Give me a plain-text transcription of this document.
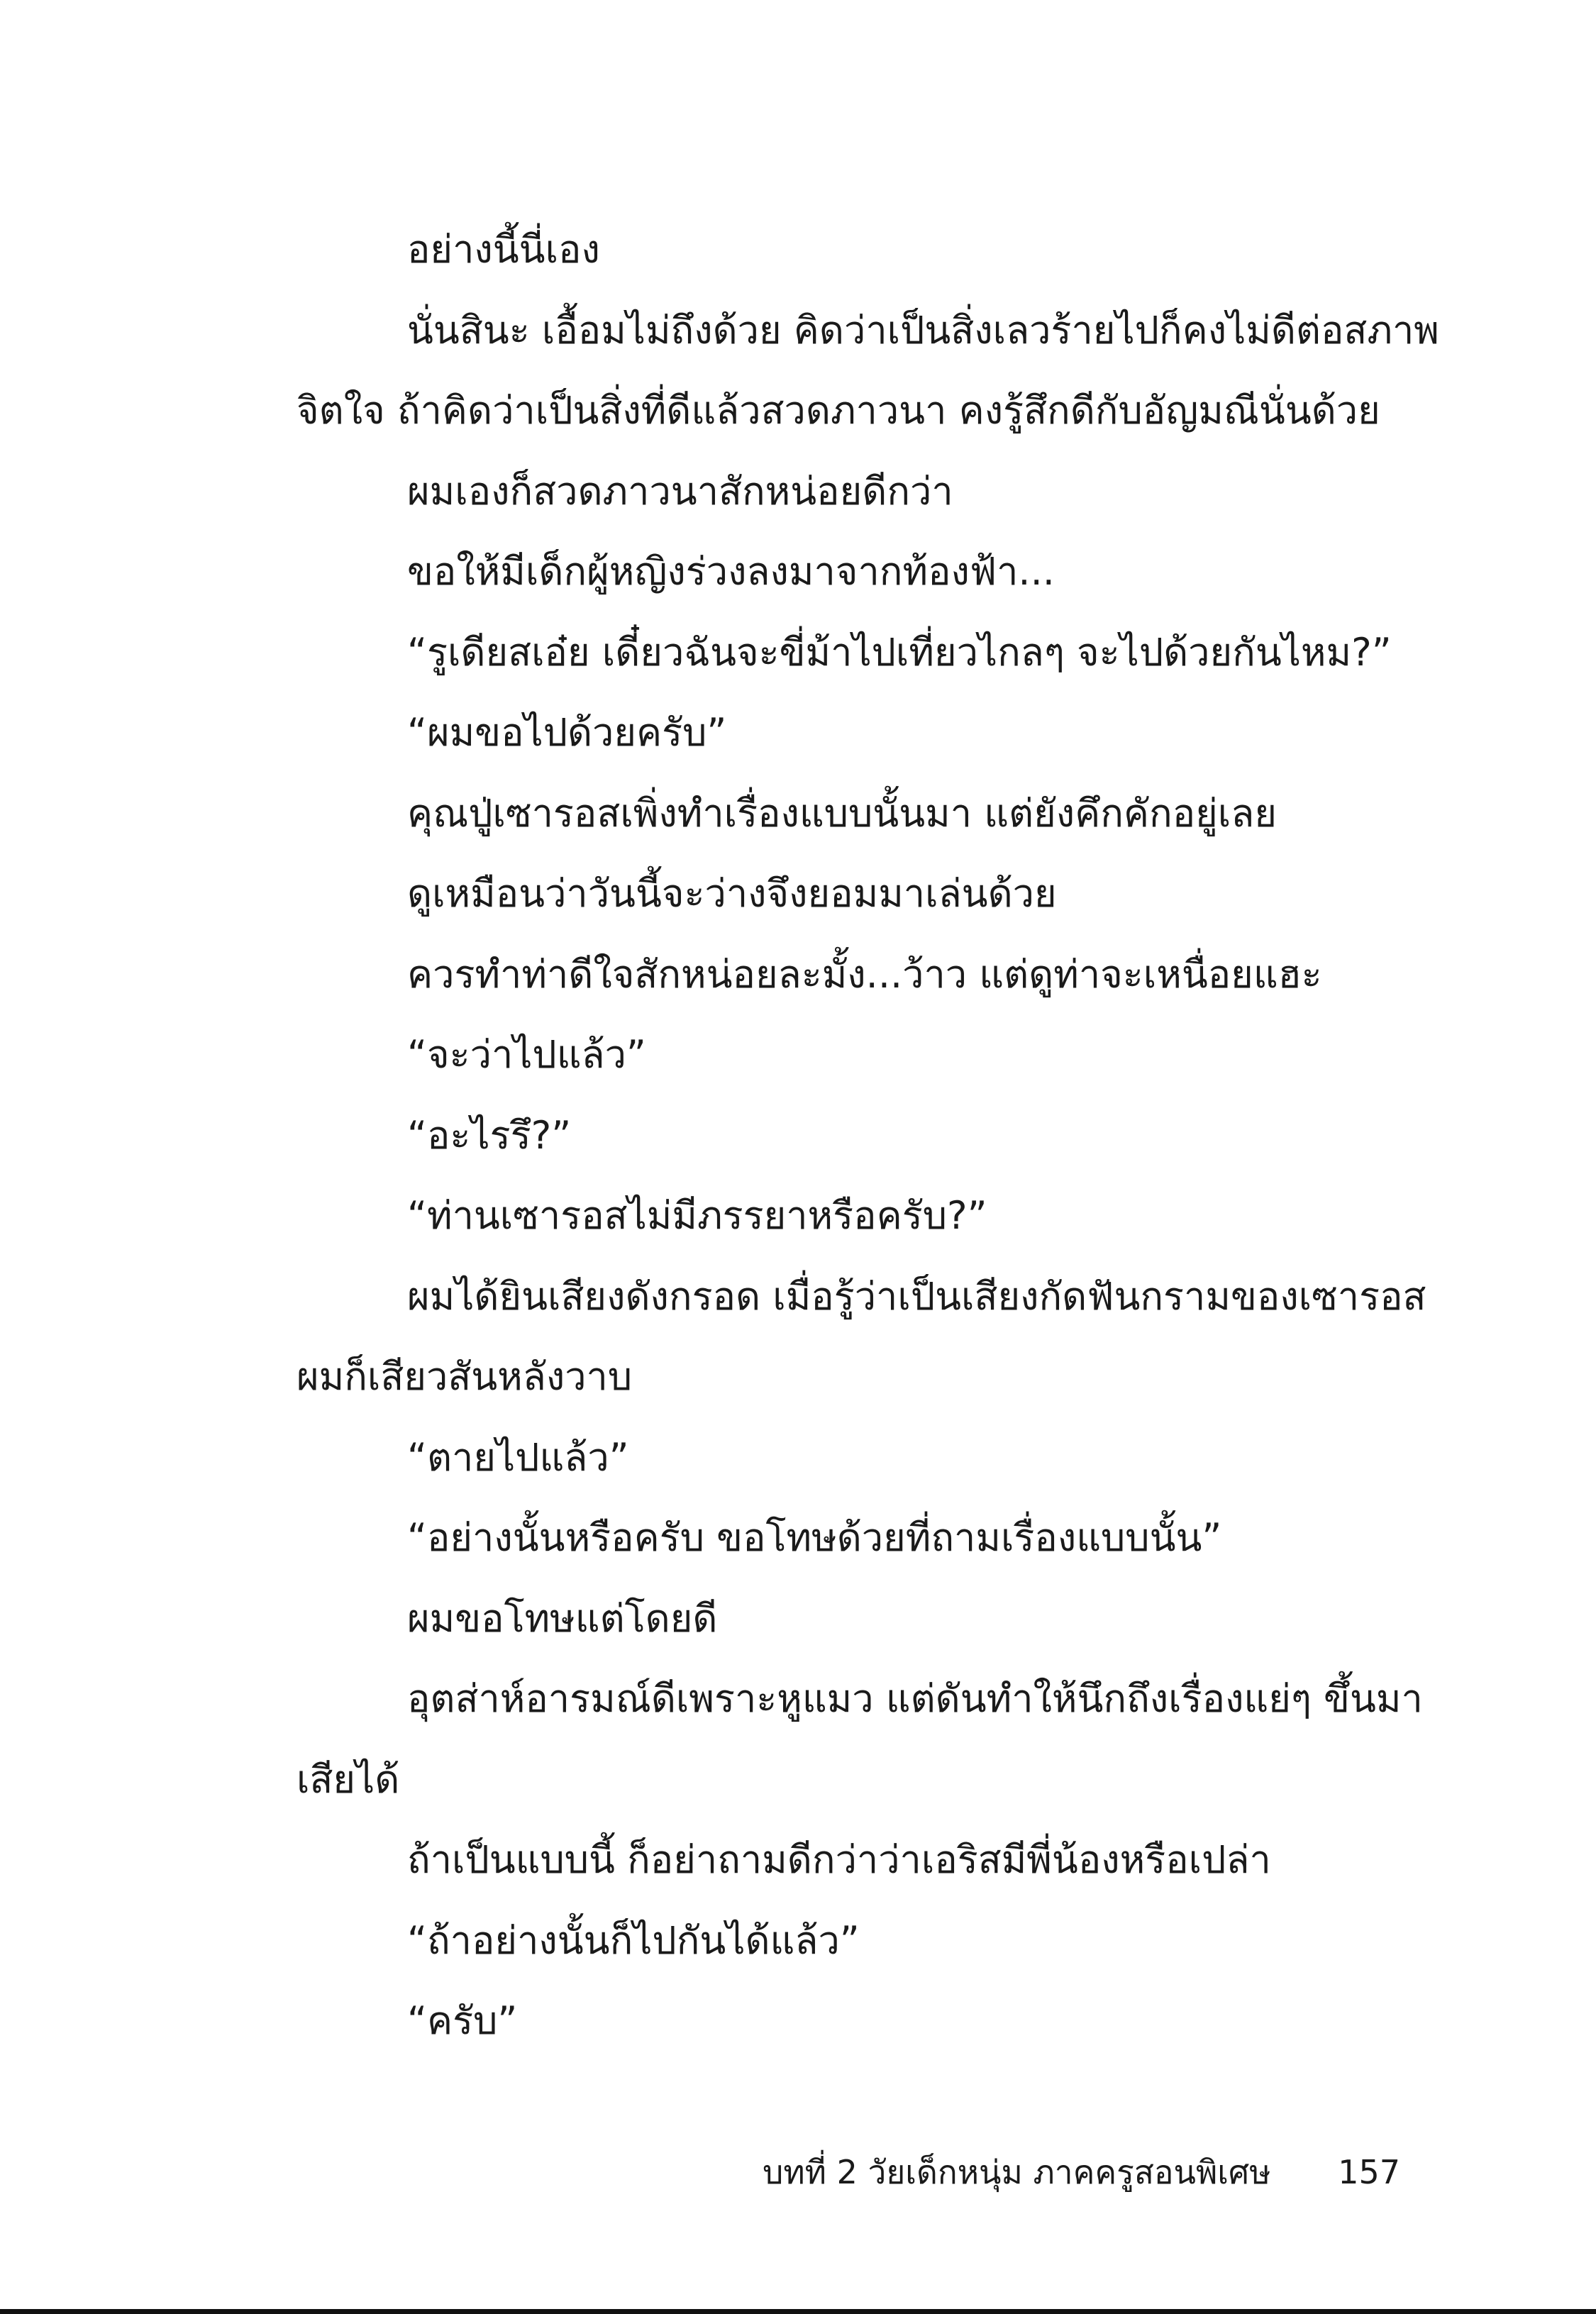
อย่างนี้นี่เอง
นั่นสินะ เอื้อมไม่ถึงด้วย คิดว่าเป็นสิ่งเลวร้ายไปก็คงไม่ดีต่อสภาพ
จิตใจ ถ้าคิดว่าเป็นสิ่งที่ดีแล้วสวดภาวนา คงรู้สึกดีกับอัญมณีนั่นด้วย
ผมเองก็สวดภาวนาสักหน่อยดีกว่า
ขอให้มีเด็กผู้หญิงร่วงลงมาจากท้องฟ้า...
“รูเดียสเอ๋ย เดี๋ยวฉันจะขี่ม้าไปเที่ยวไกลๆ จะไปด้วยกันไหม?”
“ผมขอไปด้วยครับ”
คุณปู่เซารอสเพิ่งทำเรื่องแบบนั้นมา แต่ยังคึกคักอยู่เลย
ดูเหมือนว่าวันนี้จะว่างจึงยอมมาเล่นด้วย
ควรทำท่าดีใจสักหน่อยละมั้ง...ว้าว แต่ดูท่าจะเหนื่อยแฮะ
“จะว่าไปแล้ว”
“อะไรรึ?”
“ท่านเซารอสไม่มีภรรยาหรือครับ?”
ผมได้ยินเสียงดังกรอด เมื่อรู้ว่าเป็นเสียงกัดฟันกรามของเซารอส
ผมก็เสียวสันหลังวาบ
“ตายไปแล้ว”
“อย่างนั้นหรือครับ ขอโทษด้วยที่ถามเรื่องแบบนั้น”
ผมขอโทษแต่โดยดี
อุตส่าห์อารมณ์ดีเพราะหูแมว แต่ดันทำให้นึกถึงเรื่องแย่ๆ ขึ้นมา
เสียได้
ถ้าเป็นแบบนี้ ก็อย่าถามดีกว่าว่าเอริสมีพี่น้องหรือเปล่า
“ถ้าอย่างนั้นก็ไปกันได้แล้ว”
“ครับ”
บทที่ 2 วัยเด็กหนุ่ม ภาคครูสอนพิเศษ 157
